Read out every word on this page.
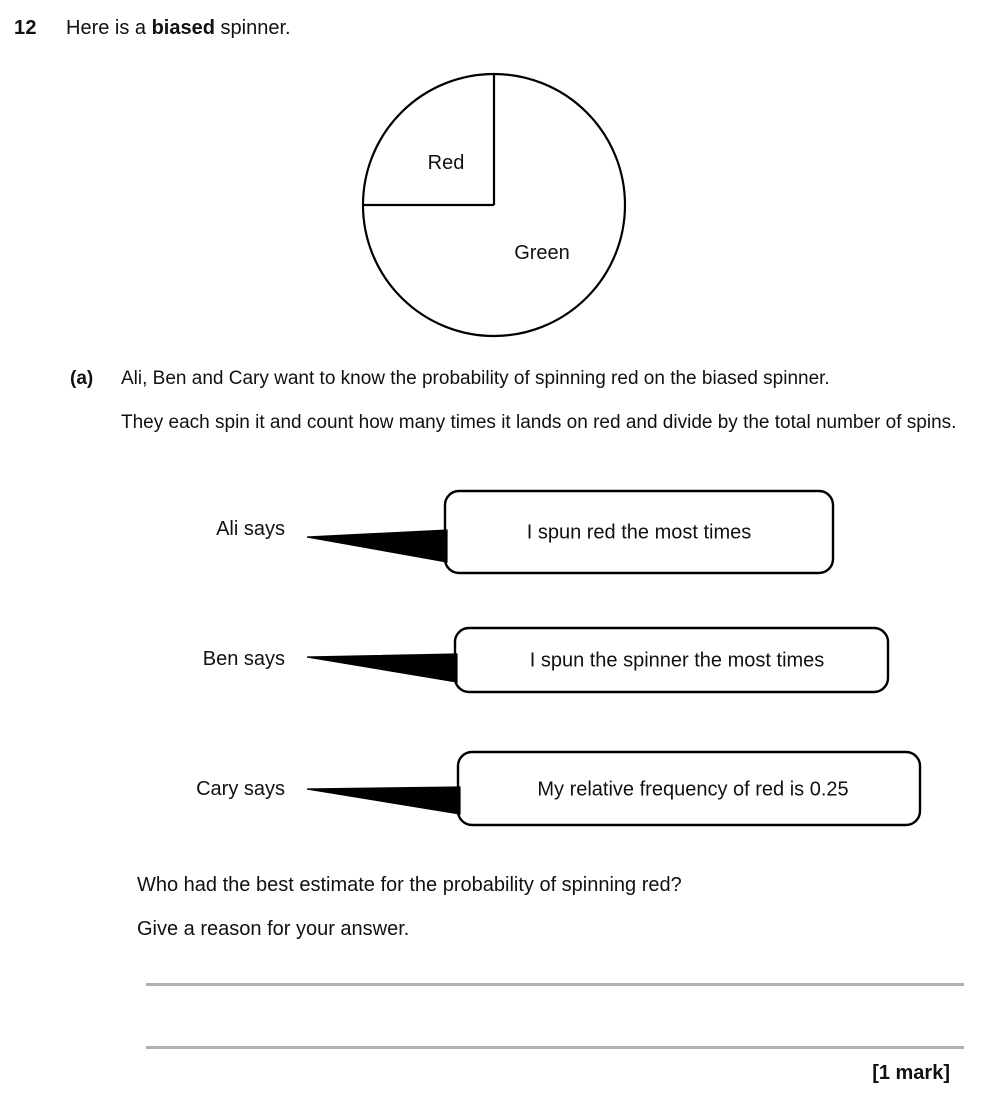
12 Here is a biased spinner.
Red
Green
(a) Ali, Ben and Cary want to know the probability of spinning red on the biased spinner.
They each spin it and count how many times it lands on red and divide by the total number of spins.
Ali says	I spun red the most times
Ben says	I spun the spinner the most times
Cary says	My relative frequency of red is 0.25
Who had the best estimate for the probability of spinning red?
Give a reason for your answer.
[1 mark]
